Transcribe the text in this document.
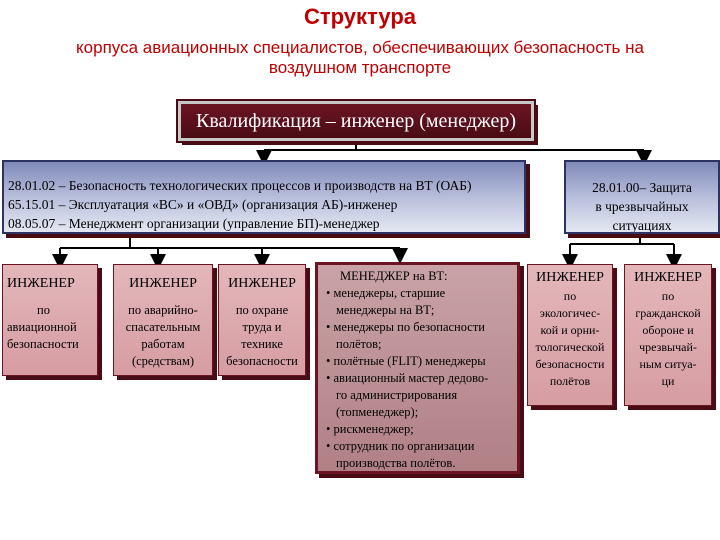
Структура
корпуса авиационных специалистов, обеспечивающих безопасность на
воздушном транспорте
Квалификация – инженер (менеджер)
28.01.02 – Безопасность технологических процессов и производств на ВТ (ОАБ)
65.15.01 – Эксплуатация «ВС» и «ОВД» (организация АБ)-инженер
08.05.07 – Менеджмент организации (управление БП)-менеджер
28.01.00– Защита
в чрезвычайных
ситуациях
ИНЖЕНЕР
по
авиационной
безопасности
ИНЖЕНЕР
по аварийно-
спасательным
работам
(средствам)
ИНЖЕНЕР
по охране
труда и
технике
безопасности
МЕНЕДЖЕР на ВТ:
• менеджеры, старшие
менеджеры на ВТ;
• менеджеры по безопасности
полётов;
• полётные (FLIT) менеджеры
• авиационный мастер дедово-
го администрирования
(топменеджер);
• рискменеджер;
• сотрудник по организации
производства полётов.
ИНЖЕНЕР
по
экологичес-
кой и орни-
тологической
безопасности
полётов
ИНЖЕНЕР
по
гражданской
обороне и
чрезвычай-
ным ситуа-
ци
